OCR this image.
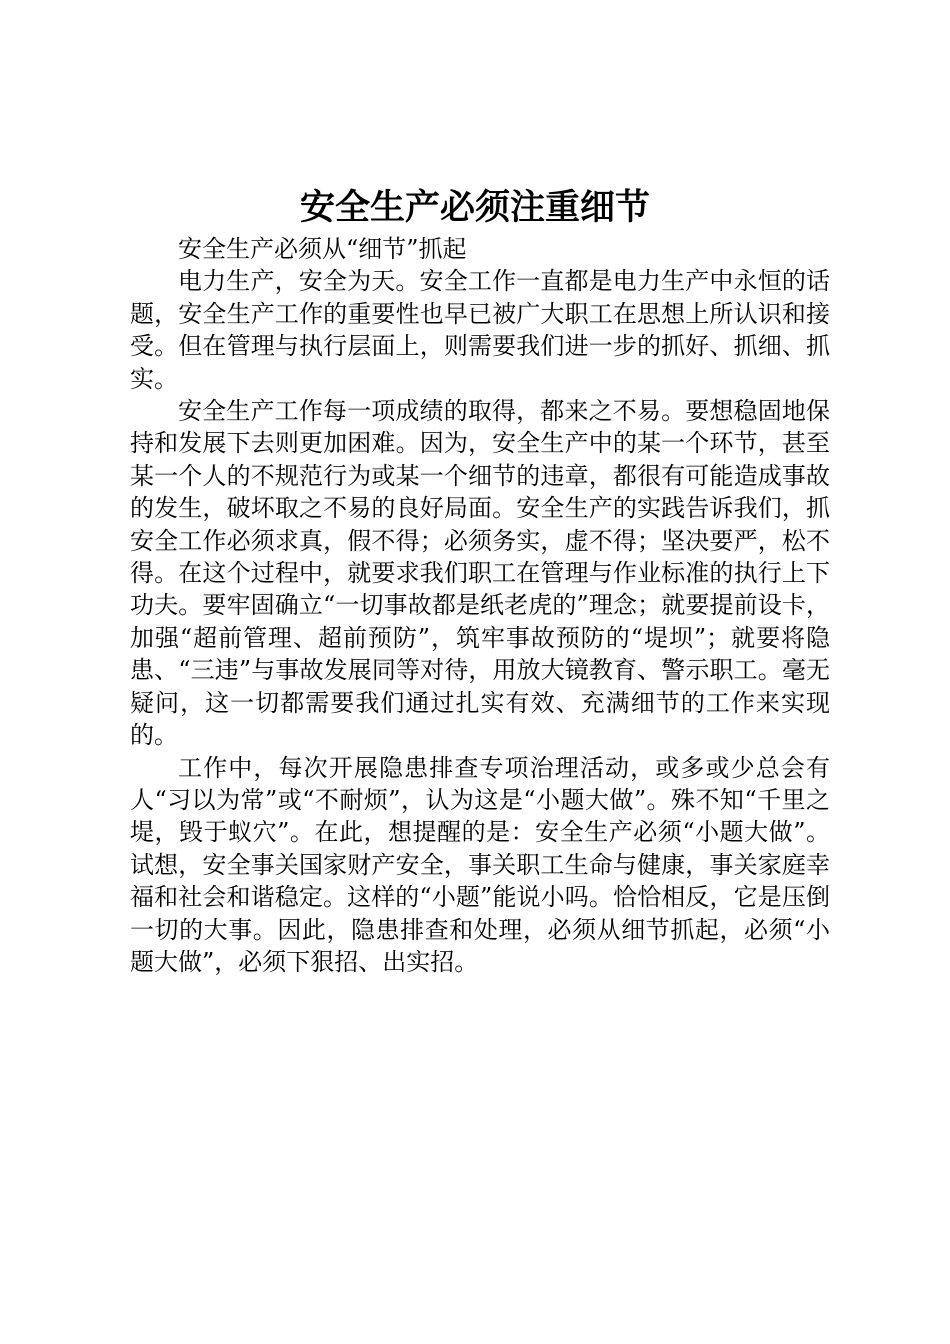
安全生产必须注重细节

安全生产必须从“细节”抓起

电力生产，安全为天。安全工作一直都是电力生产中永恒的话题，安全生产工作的重要性也早已被广大职工在思想上所认识和接受。但在管理与执行层面上，则需要我们进一步的抓好、抓细、抓实。

安全生产工作每一项成绩的取得，都来之不易。要想稳固地保持和发展下去则更加困难。因为，安全生产中的某一个环节，甚至某一个人的不规范行为或某一个细节的违章，都很有可能造成事故的发生，破坏取之不易的良好局面。安全生产的实践告诉我们，抓安全工作必须求真，假不得；必须务实，虚不得；坚决要严，松不得。在这个过程中，就要求我们职工在管理与作业标准的执行上下功夫。要牢固确立“一切事故都是纸老虎的”理念；就要提前设卡，加强“超前管理、超前预防”，筑牢事故预防的“堤坝”；就要将隐患、“三违”与事故发展同等对待，用放大镜教育、警示职工。毫无疑问，这一切都需要我们通过扎实有效、充满细节的工作来实现的。

工作中，每次开展隐患排查专项治理活动，或多或少总会有人“习以为常”或“不耐烦”，认为这是“小题大做”。殊不知“千里之堤，毁于蚁穴”。在此，想提醒的是：安全生产必须“小题大做”。试想，安全事关国家财产安全，事关职工生命与健康，事关家庭幸福和社会和谐稳定。这样的“小题”能说小吗。恰恰相反，它是压倒一切的大事。因此，隐患排查和处理，必须从细节抓起，必须“小题大做”，必须下狠招、出实招。
